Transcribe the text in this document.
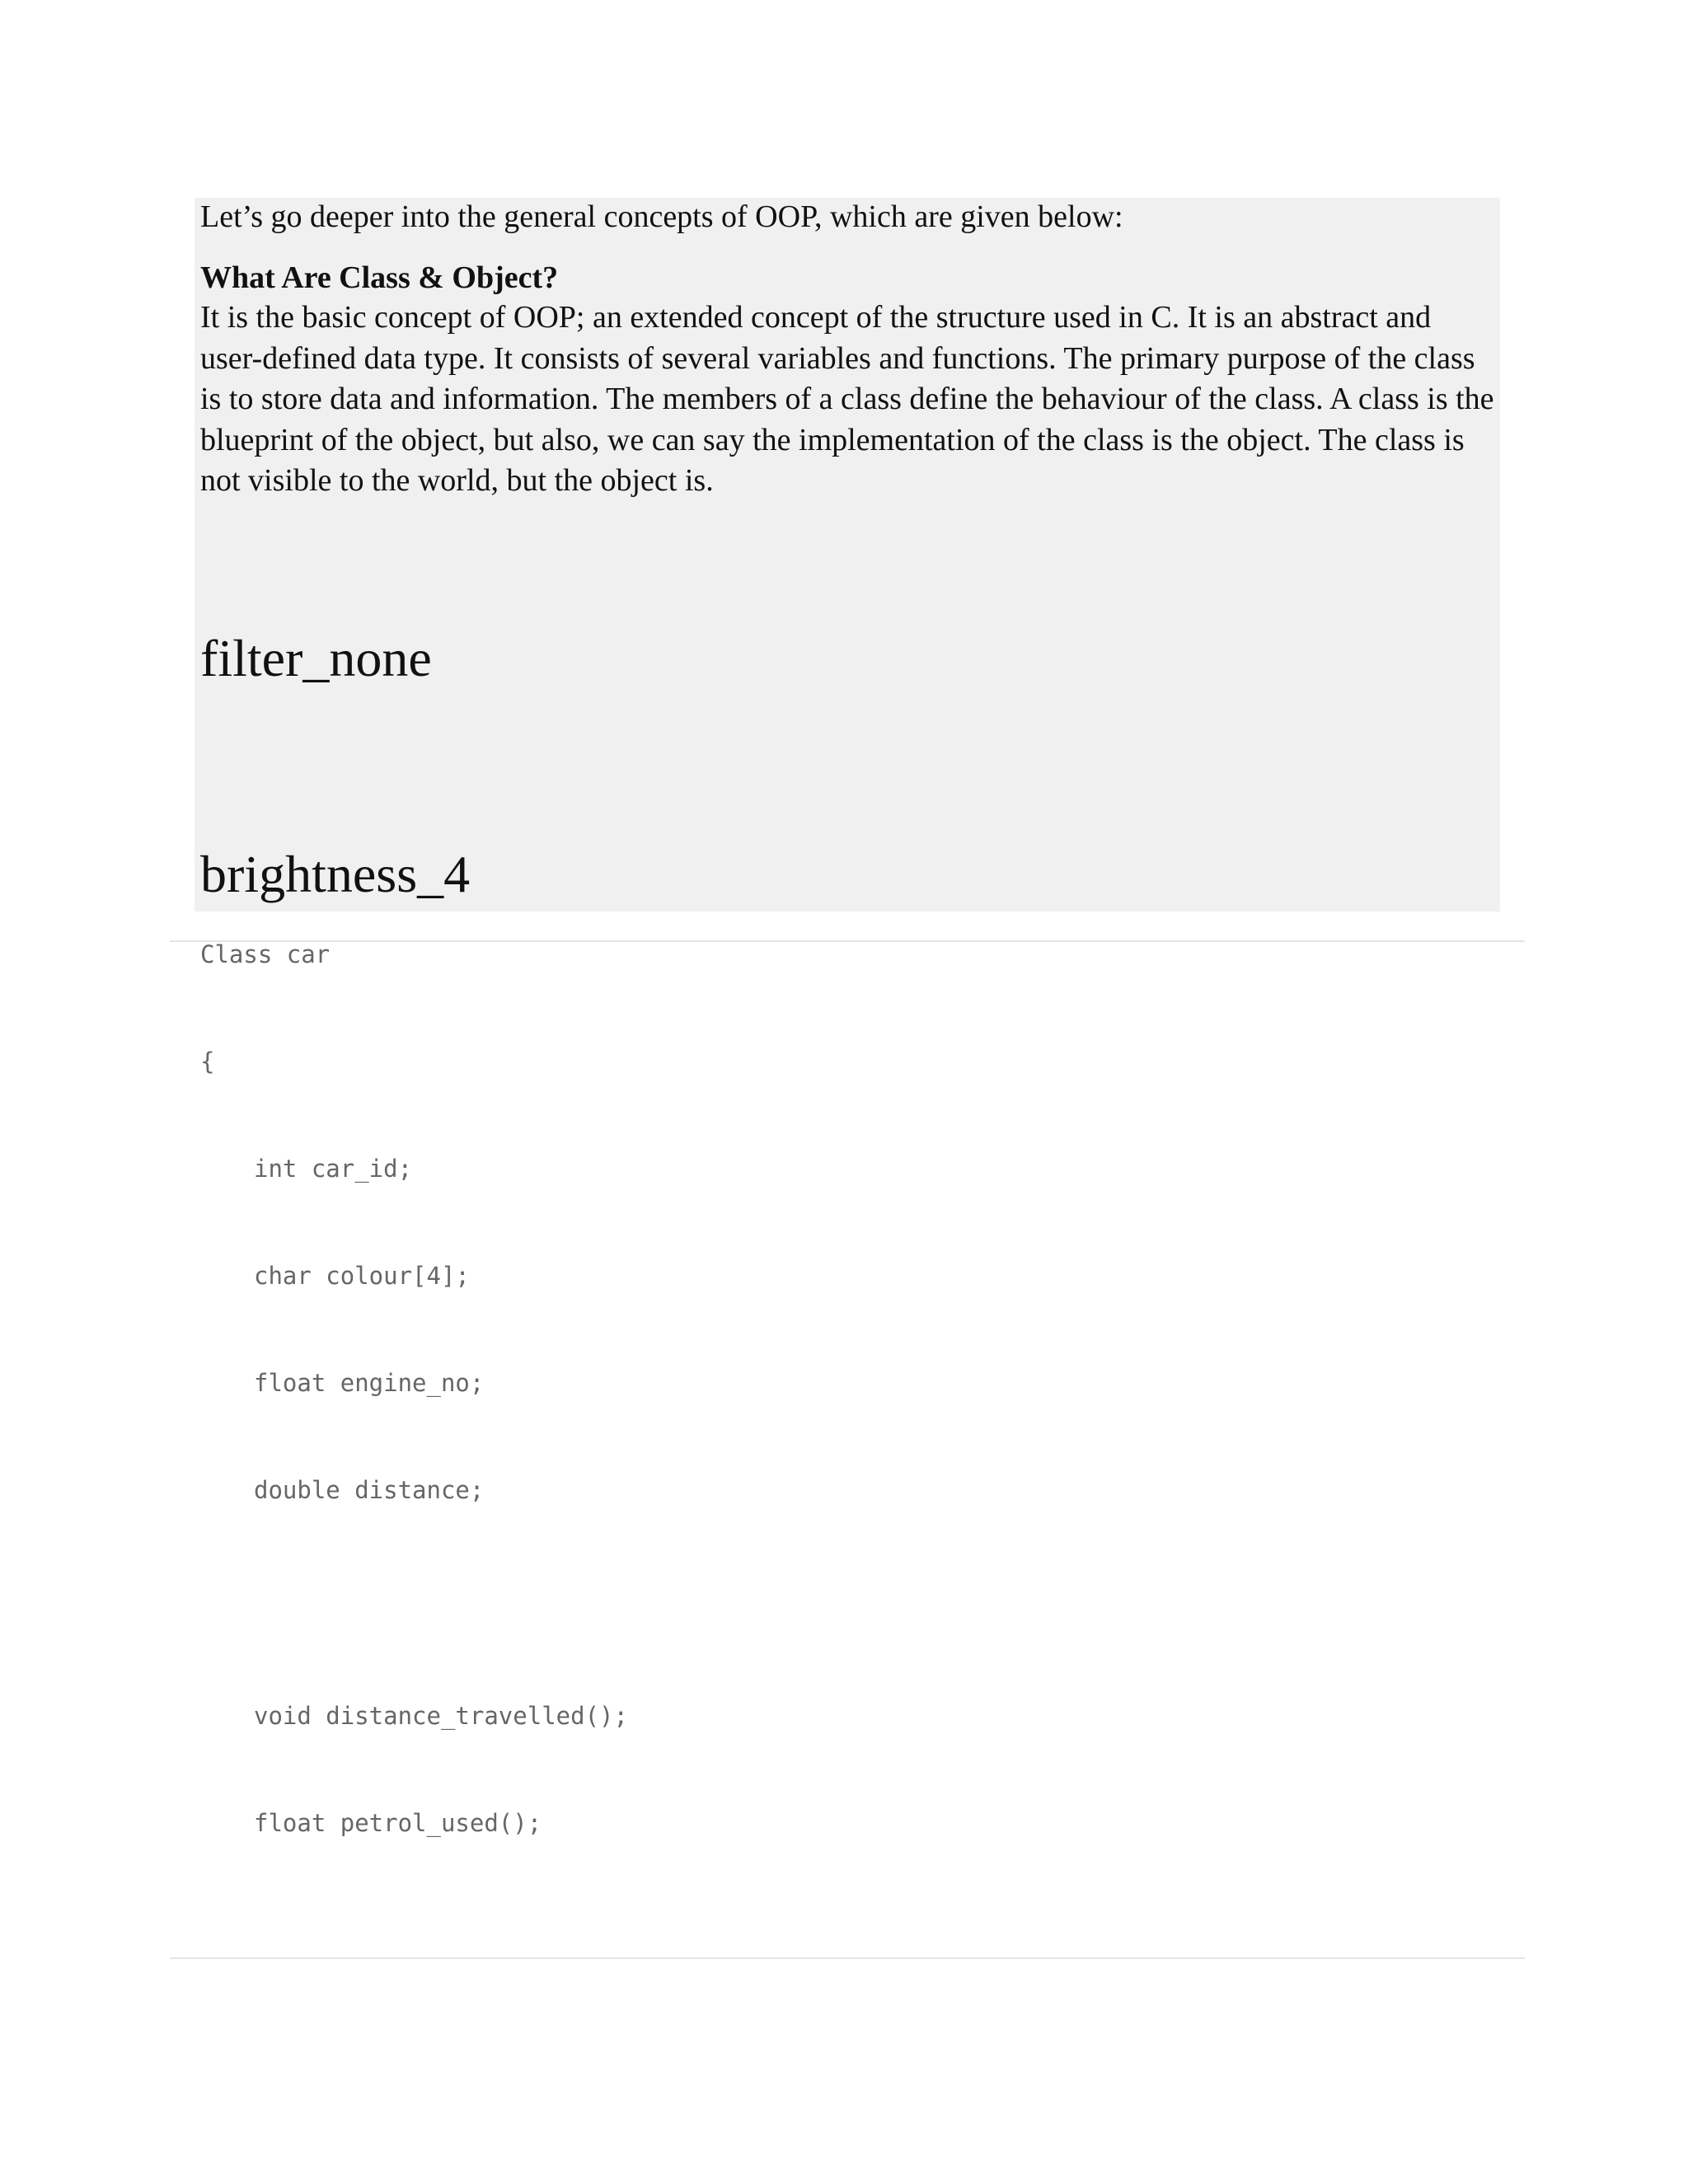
Let’s go deeper into the general concepts of OOP, which are given below:

What Are Class & Object?

It is the basic concept of OOP; an extended concept of the structure used in C. It is an abstract and user-defined data type. It consists of several variables and functions. The primary purpose of the class is to store data and information. The members of a class define the behaviour of the class. A class is the blueprint of the object, but also, we can say the implementation of the class is the object. The class is not visible to the world, but the object is.

filter_none

brightness_4

Class car

{

int car_id;

char colour[4];

float engine_no;

double distance;

void distance_travelled();

float petrol_used();
